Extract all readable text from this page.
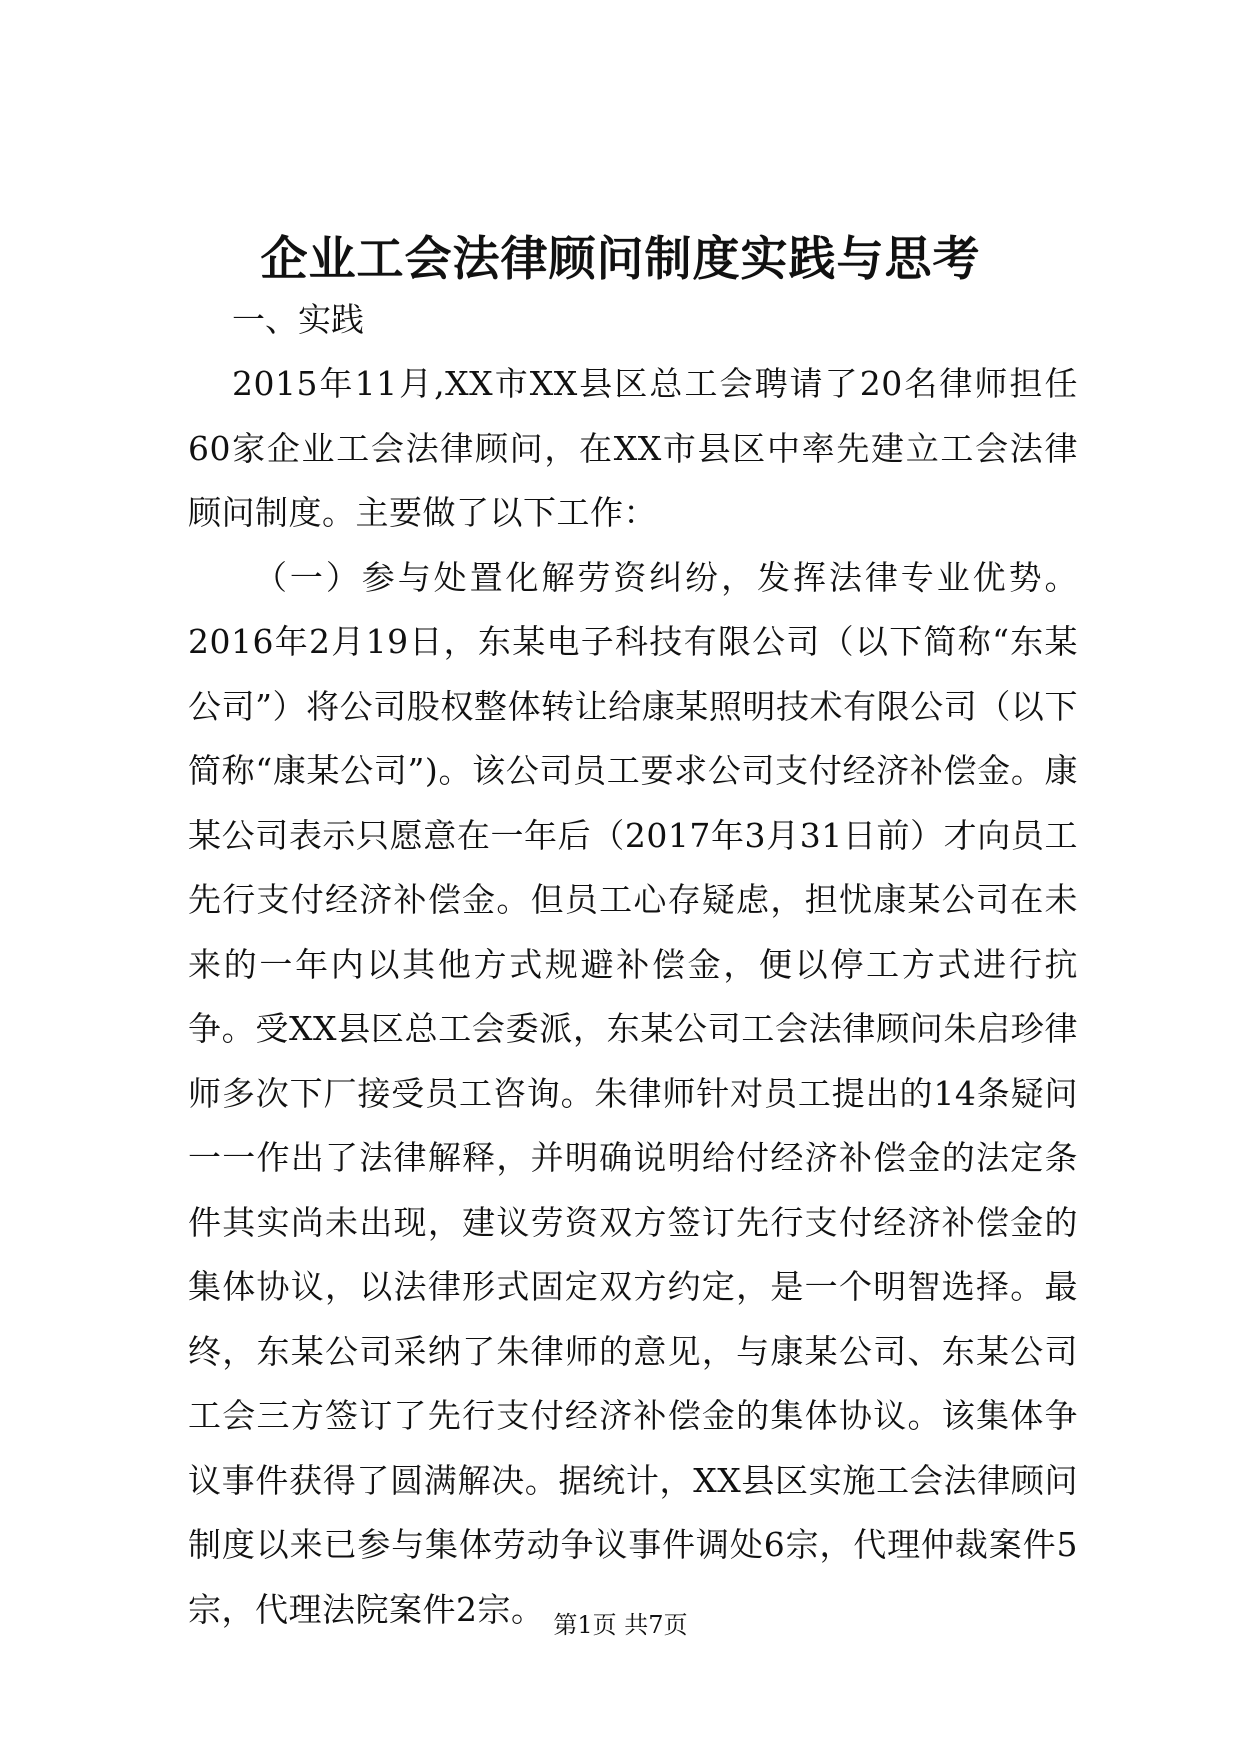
企业工会法律顾问制度实践与思考

一、实践

2015年11月,XX市XX县区总工会聘请了20名律师担任60家企业工会法律顾问，在XX市县区中率先建立工会法律顾问制度。主要做了以下工作：

（一）参与处置化解劳资纠纷，发挥法律专业优势。2016年2月19日，东某电子科技有限公司（以下简称“东某公司”）将公司股权整体转让给康某照明技术有限公司（以下简称“康某公司”)。该公司员工要求公司支付经济补偿金。康某公司表示只愿意在一年后（2017年3月31日前）才向员工先行支付经济补偿金。但员工心存疑虑，担忧康某公司在未来的一年内以其他方式规避补偿金，便以停工方式进行抗争。受XX县区总工会委派，东某公司工会法律顾问朱启珍律师多次下厂接受员工咨询。朱律师针对员工提出的14条疑问一一作出了法律解释，并明确说明给付经济补偿金的法定条件其实尚未出现，建议劳资双方签订先行支付经济补偿金的集体协议，以法律形式固定双方约定，是一个明智选择。最终，东某公司采纳了朱律师的意见，与康某公司、东某公司工会三方签订了先行支付经济补偿金的集体协议。该集体争议事件获得了圆满解决。据统计，XX县区实施工会法律顾问制度以来已参与集体劳动争议事件调处6宗，代理仲裁案件5宗，代理法院案件2宗。 第1页 共7页
